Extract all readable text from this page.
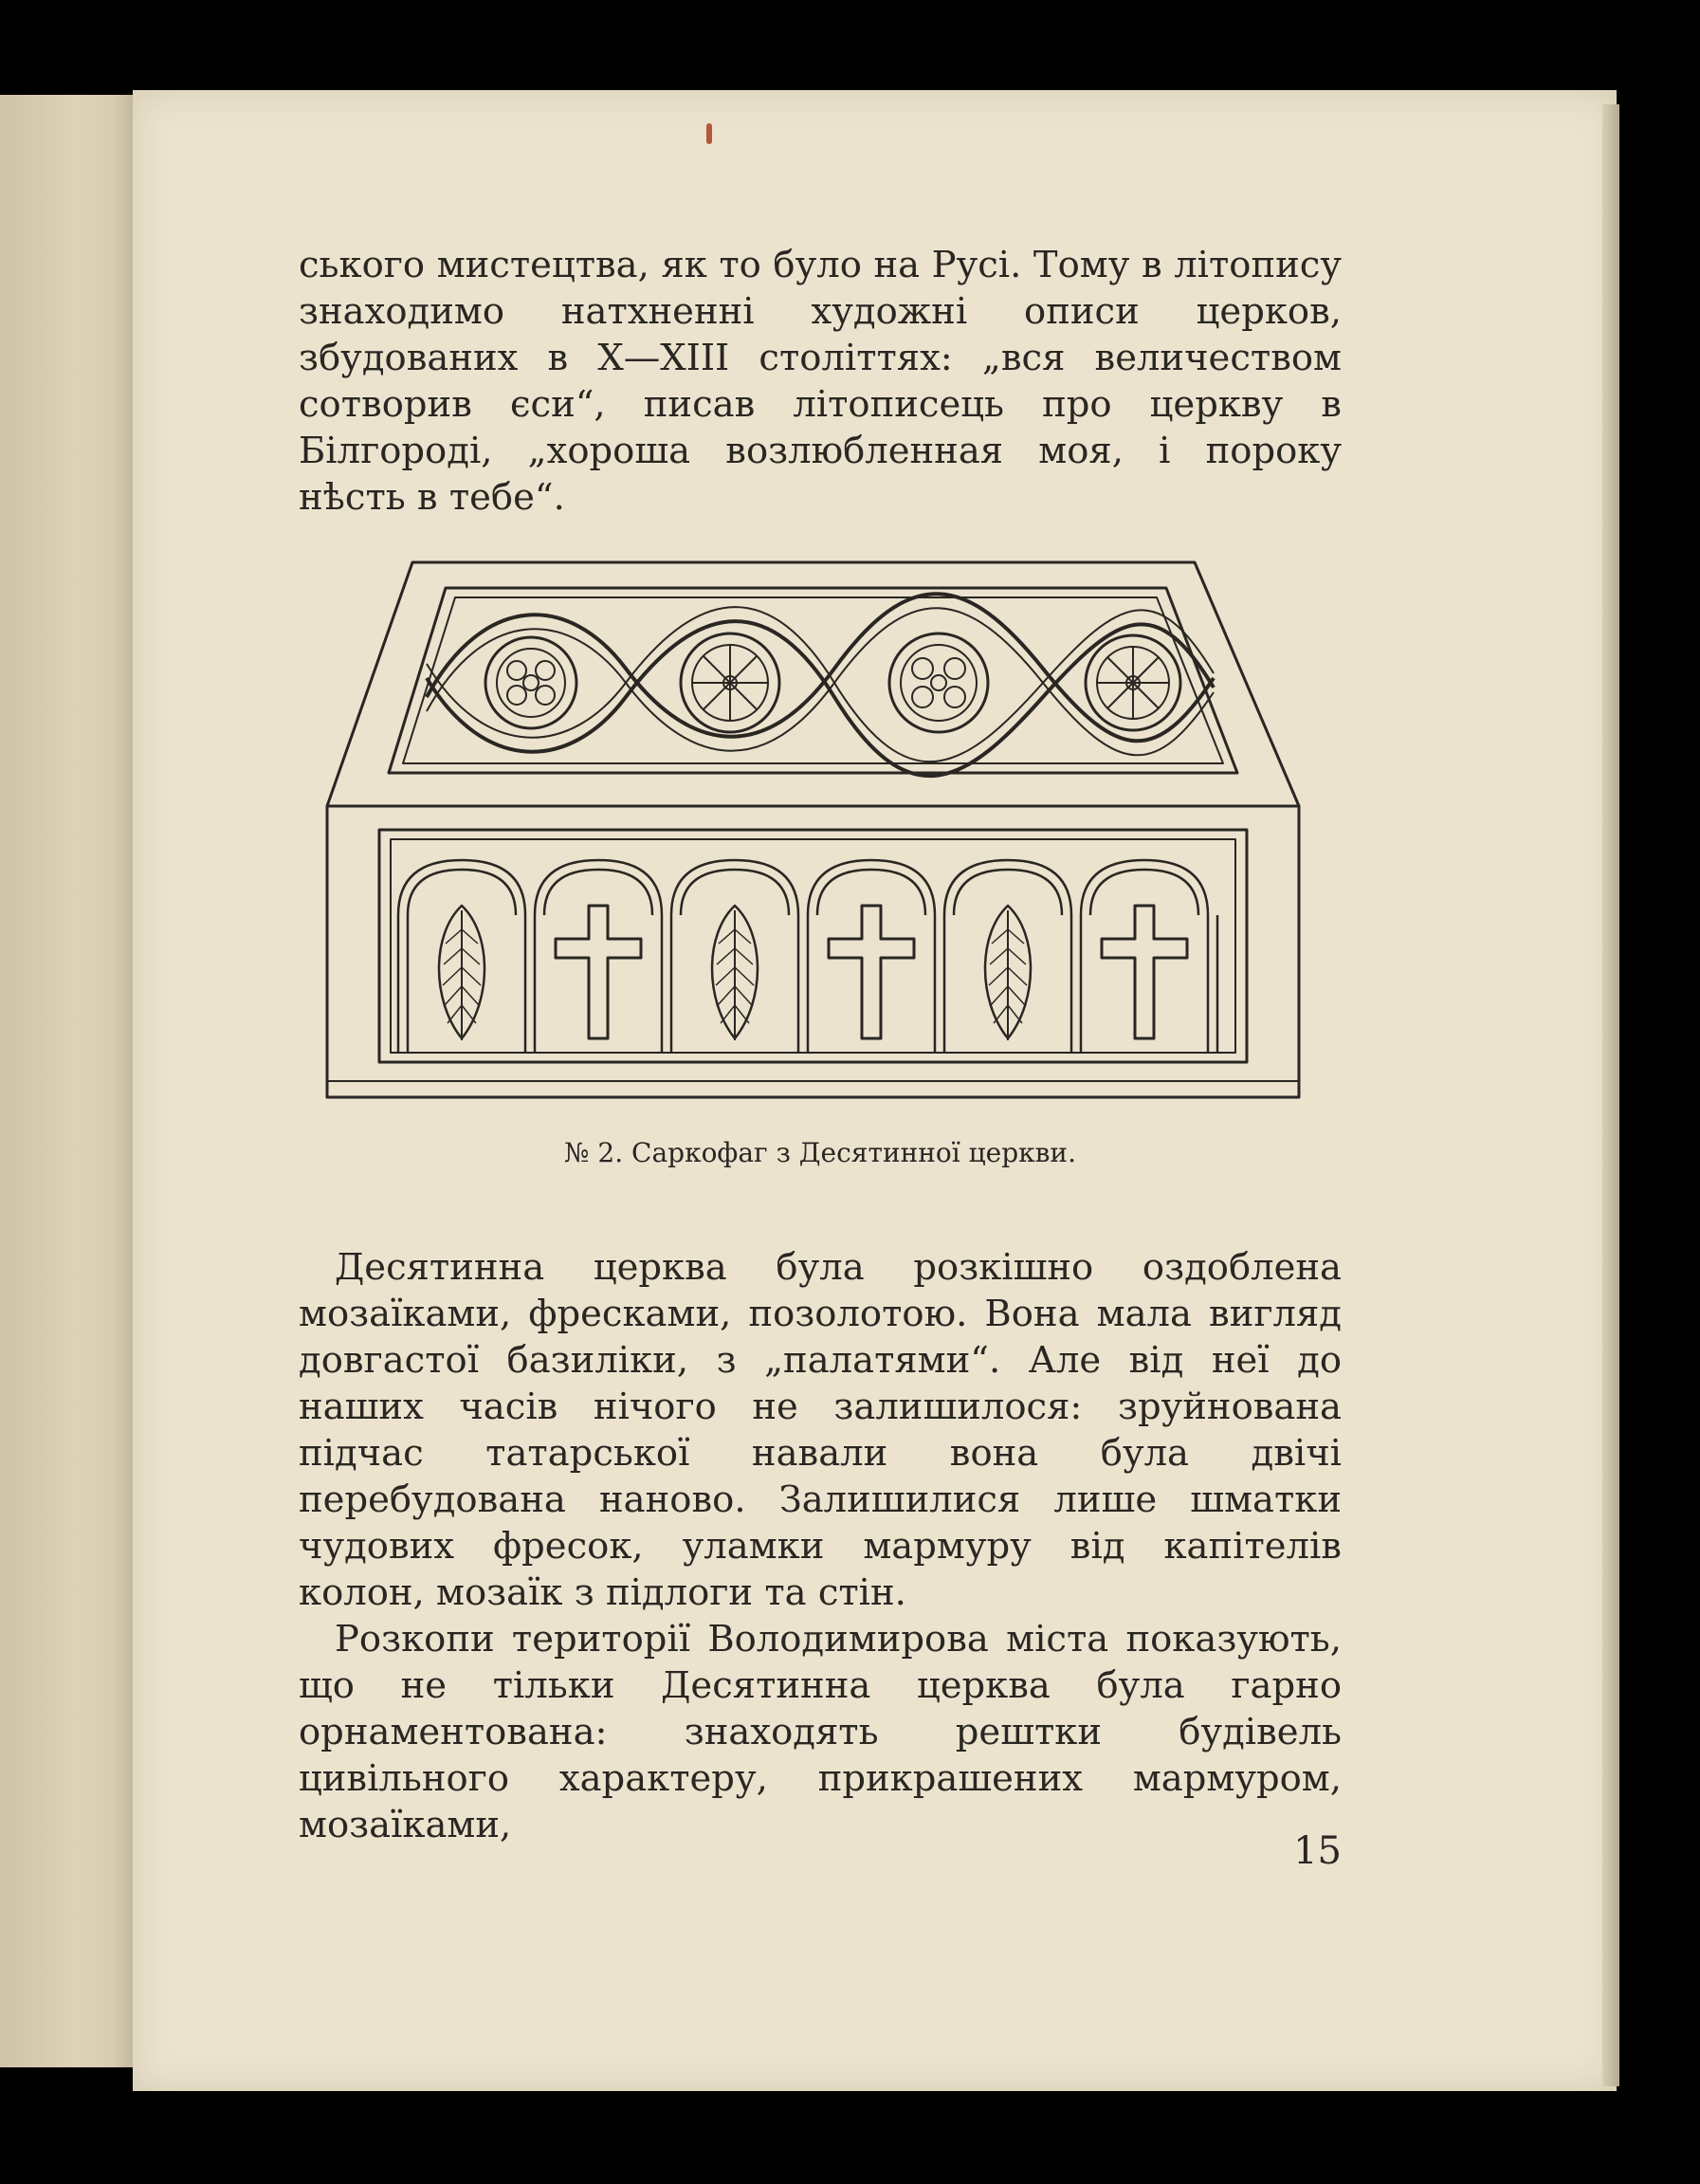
ського мистецтва, як то було на Русі. Тому в літопису знаходимо натхненні художні описи церков, збудованих в X—XIII століттях: „вся величеством сотворив єси“, писав літописець про церкву в Білгороді, „хороша возлюбленная моя, і пороку нѣсть в тебе“.

№ 2. Саркофаг з Десятинної церкви.

Десятинна церква була розкішно оздоблена мозаїками, фресками, позолотою. Вона мала вигляд довгастої базиліки, з „палатями“. Але від неї до наших часів нічого не залишилося: зруйнована підчас татарської навали вона була двічі перебудована наново. Залишилися лише шматки чудових фресок, уламки мармуру від капітелів колон, мозаїк з підлоги та стін.

Розкопи території Володимирова міста показують, що не тільки Десятинна церква була гарно орнаментована: знаходять рештки будівель цивільного характеру, прикрашених мармуром, мозаїками,

15
